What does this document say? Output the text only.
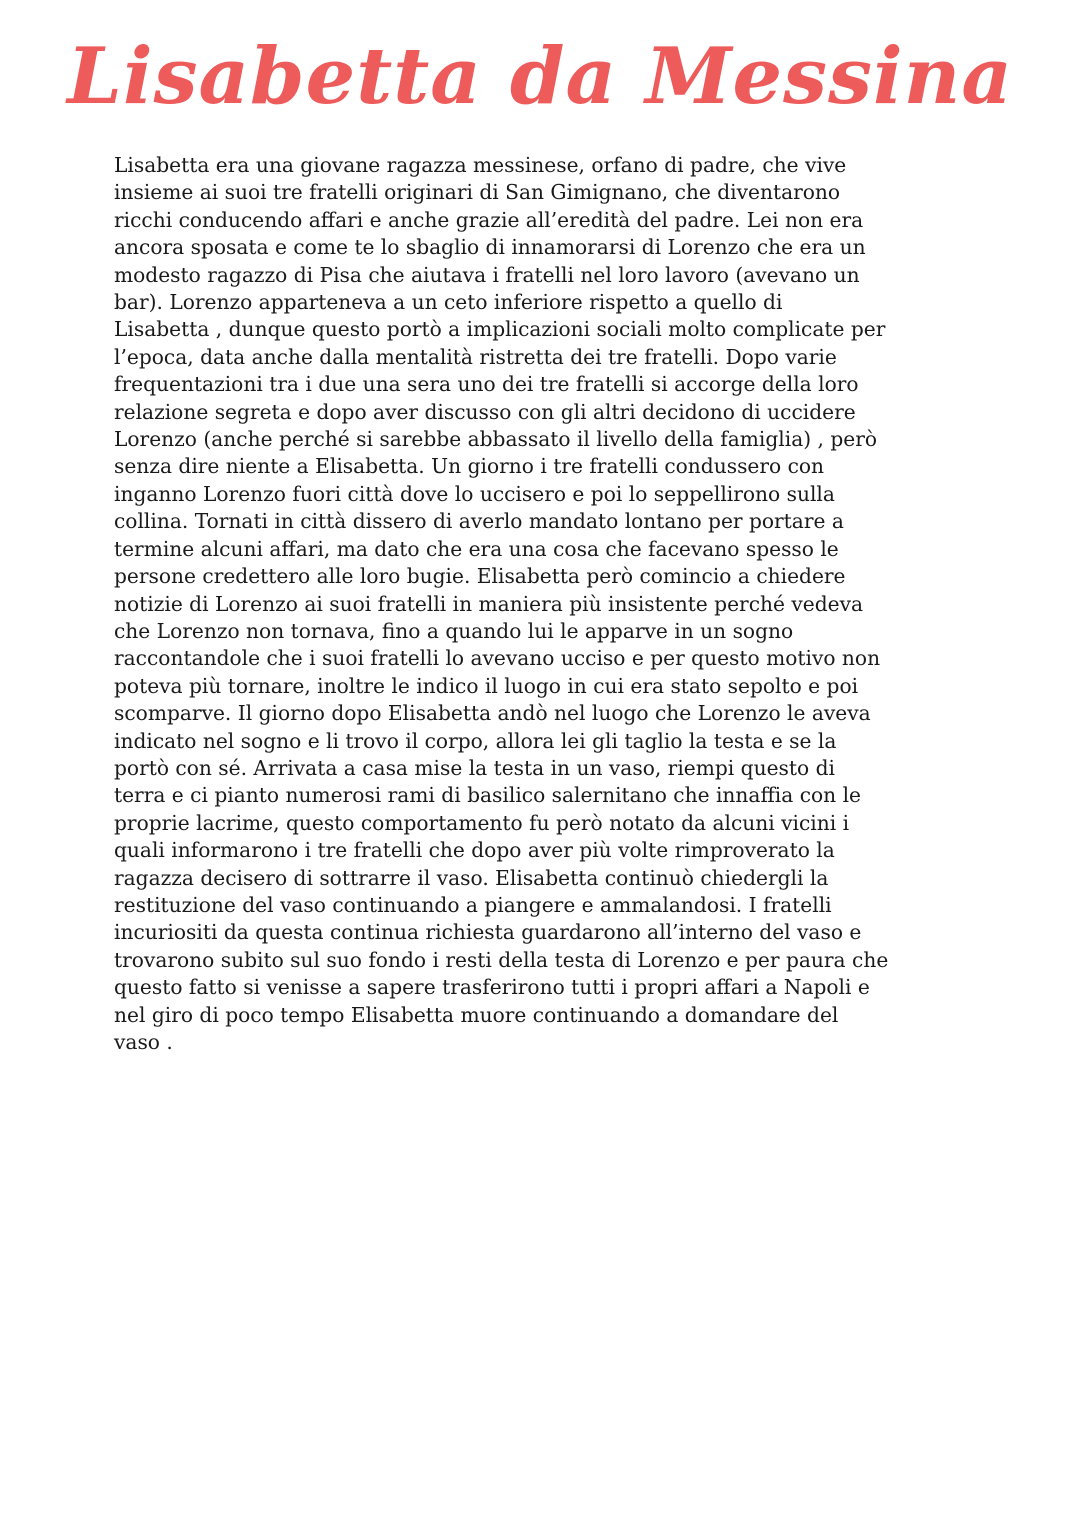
Lisabetta da Messina
Lisabetta era una giovane ragazza messinese, orfano di padre, che vive
insieme ai suoi tre fratelli originari di San Gimignano, che diventarono
ricchi conducendo affari e anche grazie all’eredità del padre. Lei non era
ancora sposata e come te lo sbaglio di innamorarsi di Lorenzo che era un
modesto ragazzo di Pisa che aiutava i fratelli nel loro lavoro (avevano un
bar). Lorenzo apparteneva a un ceto inferiore rispetto a quello di
Lisabetta , dunque questo portò a implicazioni sociali molto complicate per
l’epoca, data anche dalla mentalità ristretta dei tre fratelli. Dopo varie
frequentazioni tra i due una sera uno dei tre fratelli si accorge della loro
relazione segreta e dopo aver discusso con gli altri decidono di uccidere
Lorenzo (anche perché si sarebbe abbassato il livello della famiglia) , però
senza dire niente a Elisabetta. Un giorno i tre fratelli condussero con
inganno Lorenzo fuori città dove lo uccisero e poi lo seppellirono sulla
collina. Tornati in città dissero di averlo mandato lontano per portare a
termine alcuni affari, ma dato che era una cosa che facevano spesso le
persone credettero alle loro bugie. Elisabetta però comincio a chiedere
notizie di Lorenzo ai suoi fratelli in maniera più insistente perché vedeva
che Lorenzo non tornava, fino a quando lui le apparve in un sogno
raccontandole che i suoi fratelli lo avevano ucciso e per questo motivo non
poteva più tornare, inoltre le indico il luogo in cui era stato sepolto e poi
scomparve. Il giorno dopo Elisabetta andò nel luogo che Lorenzo le aveva
indicato nel sogno e li trovo il corpo, allora lei gli taglio la testa e se la
portò con sé. Arrivata a casa mise la testa in un vaso, riempi questo di
terra e ci pianto numerosi rami di basilico salernitano che innaffia con le
proprie lacrime, questo comportamento fu però notato da alcuni vicini i
quali informarono i tre fratelli che dopo aver più volte rimproverato la
ragazza decisero di sottrarre il vaso. Elisabetta continuò chiedergli la
restituzione del vaso continuando a piangere e ammalandosi. I fratelli
incuriositi da questa continua richiesta guardarono all’interno del vaso e
trovarono subito sul suo fondo i resti della testa di Lorenzo e per paura che
questo fatto si venisse a sapere trasferirono tutti i propri affari a Napoli e
nel giro di poco tempo Elisabetta muore continuando a domandare del
vaso .
